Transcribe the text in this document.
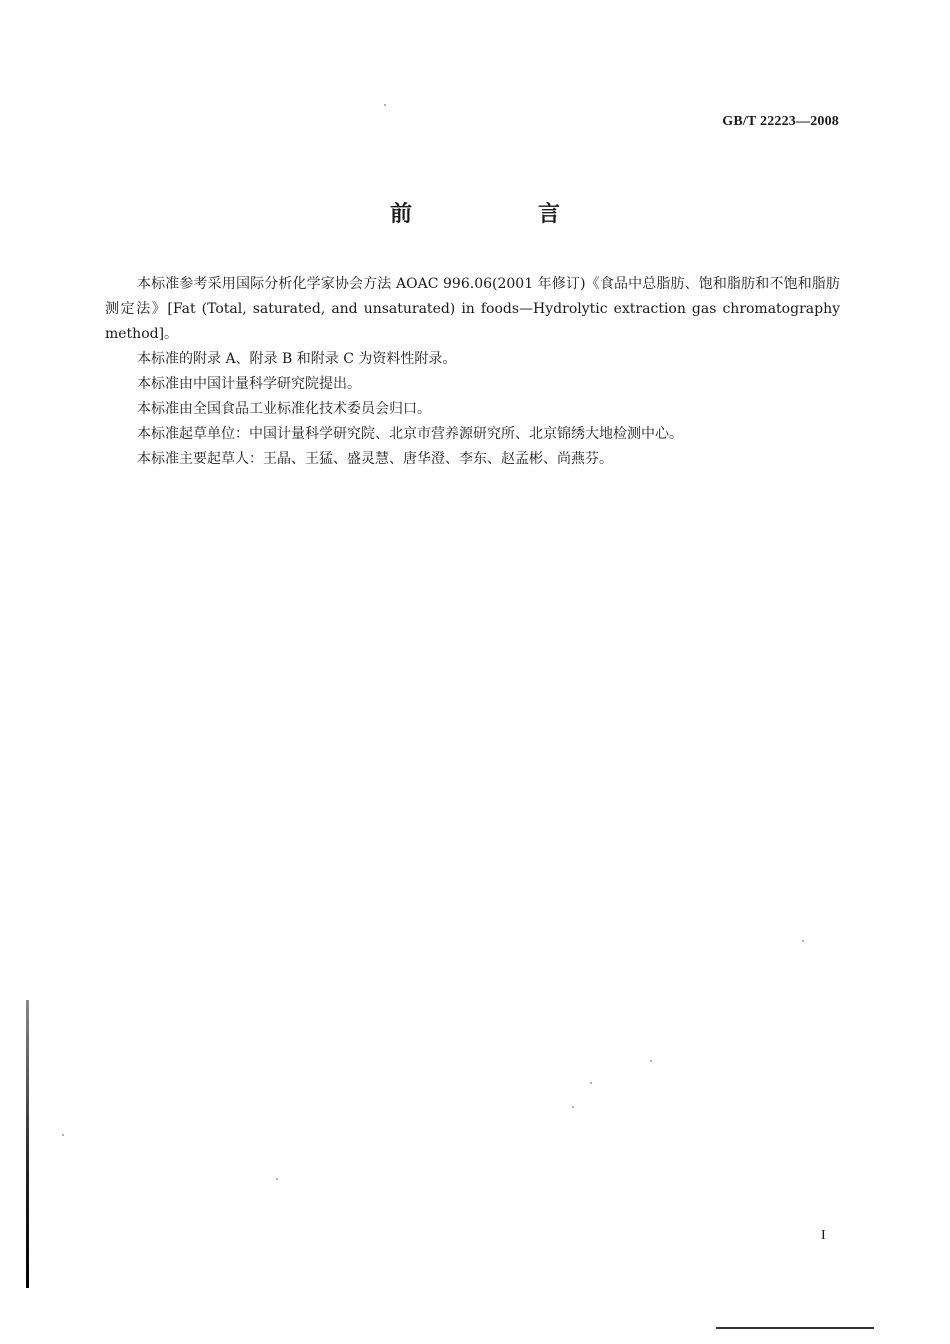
GB/T 22223—2008
前　言

本标准参考采用国际分析化学家协会方法 AOAC 996.06(2001 年修订)《食品中总脂肪、饱和脂肪和不饱和脂肪测定法》[Fat (Total, saturated, and unsaturated) in foods—Hydrolytic extraction gas chromatography method]。

本标准的附录 A、附录 B 和附录 C 为资料性附录。

本标准由中国计量科学研究院提出。

本标准由全国食品工业标准化技术委员会归口。

本标准起草单位：中国计量科学研究院、北京市营养源研究所、北京锦绣大地检测中心。

本标准主要起草人：王晶、王猛、盛灵慧、唐华澄、李东、赵孟彬、尚燕芬。

I
